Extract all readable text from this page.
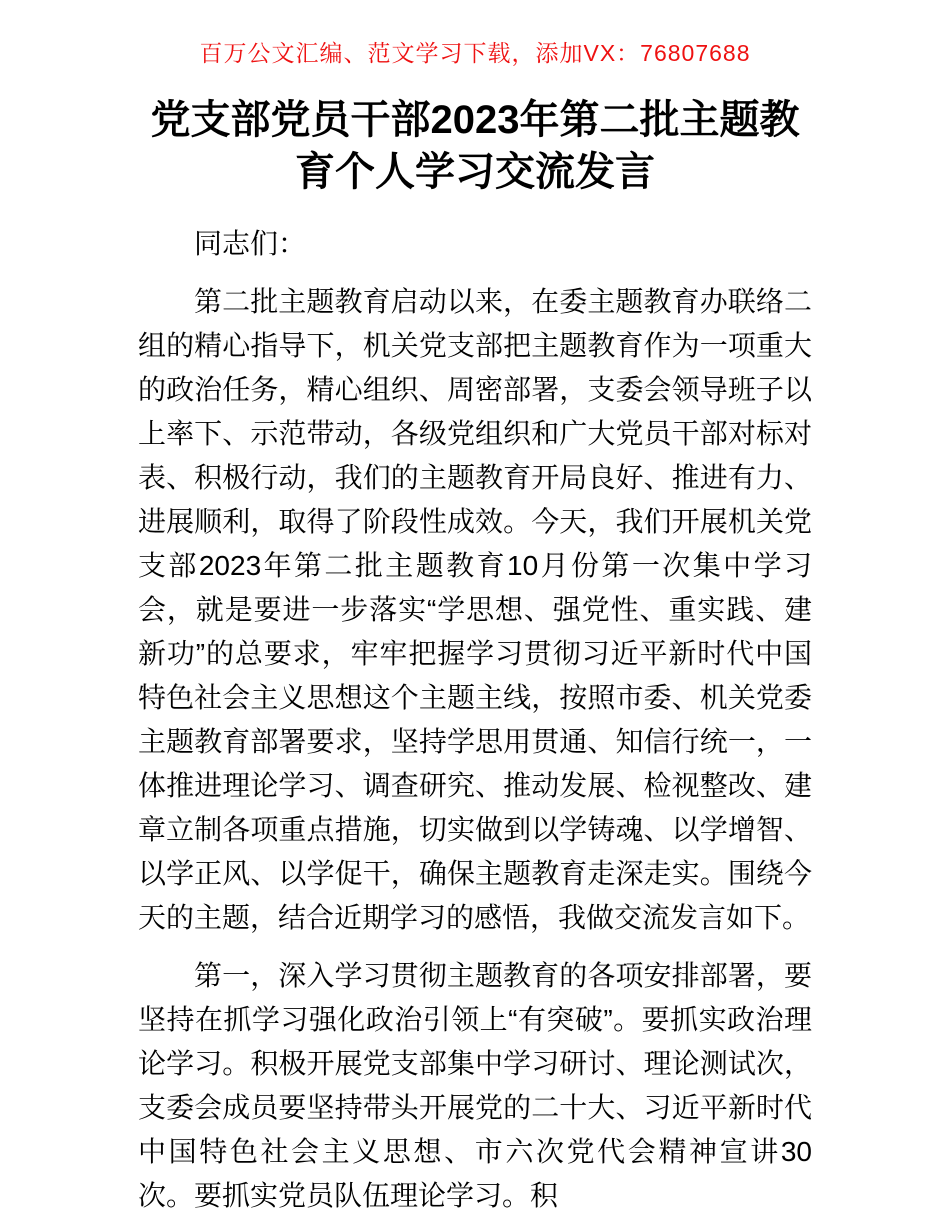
百万公文汇编、范文学习下载，添加VX：76807688
党支部党员干部2023年第二批主题教育个人学习交流发言

同志们：

第二批主题教育启动以来，在委主题教育办联络二组的精心指导下，机关党支部把主题教育作为一项重大的政治任务，精心组织、周密部署，支委会领导班子以上率下、示范带动，各级党组织和广大党员干部对标对表、积极行动，我们的主题教育开局良好、推进有力、进展顺利，取得了阶段性成效。今天，我们开展机关党支部2023年第二批主题教育10月份第一次集中学习会，就是要进一步落实“学思想、强党性、重实践、建新功”的总要求，牢牢把握学习贯彻习近平新时代中国特色社会主义思想这个主题主线，按照市委、机关党委主题教育部署要求，坚持学思用贯通、知信行统一，一体推进理论学习、调查研究、推动发展、检视整改、建章立制各项重点措施，切实做到以学铸魂、以学增智、以学正风、以学促干，确保主题教育走深走实。围绕今天的主题，结合近期学习的感悟，我做交流发言如下。

第一，深入学习贯彻主题教育的各项安排部署，要坚持在抓学习强化政治引领上“有突破”。要抓实政治理论学习。积极开展党支部集中学习研讨、理论测试次，支委会成员要坚持带头开展党的二十大、习近平新时代中国特色社会主义思想、市六次党代会精神宣讲30次。要抓实党员队伍理论学习。积
